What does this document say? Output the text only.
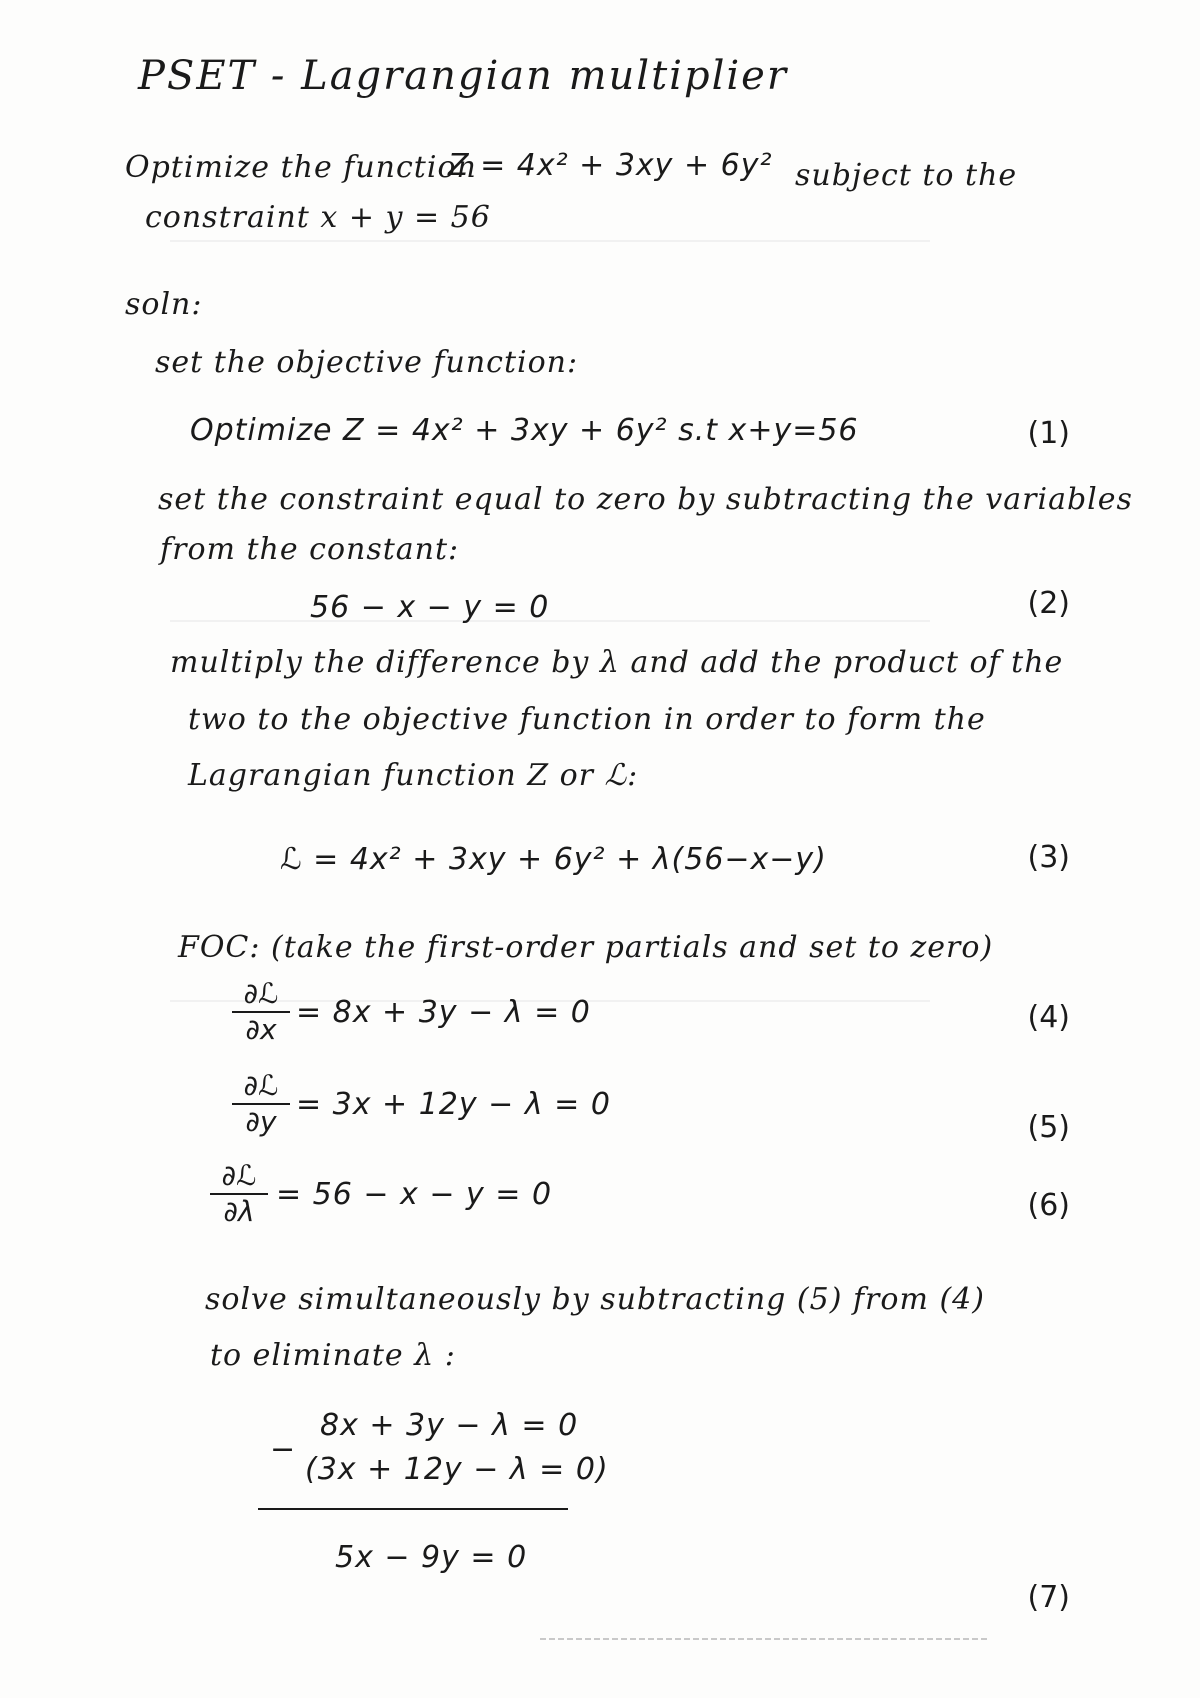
PSET - Lagrangian multiplier
Optimize the function
Z = 4x² + 3xy + 6y² subject to the
constraint x + y = 56
soln:
set the objective function:
Optimize Z = 4x² + 3xy + 6y² s.t x+y=56	(1)
set the constraint equal to zero by subtracting the variables
from the constant:
56 − x − y = 0	(2)
multiply the difference by λ and add the product of the
two to the objective function in order to form the
Lagrangian function Z or ℒ:
ℒ = 4x² + 3xy + 6y² + λ(56−x−y)	(3)
FOC: (take the first-order partials and set to zero)
∂ℒ
∂x = 8x + 3y − λ = 0	(4)
∂ℒ
∂y = 3x + 12y − λ = 0
(5)
∂ℒ
∂λ = 56 − x − y = 0	(6)
solve simultaneously by subtracting (5) from (4)
to eliminate λ :
8x + 3y − λ = 0
−
(3x + 12y − λ = 0)
5x − 9y = 0
(7)
